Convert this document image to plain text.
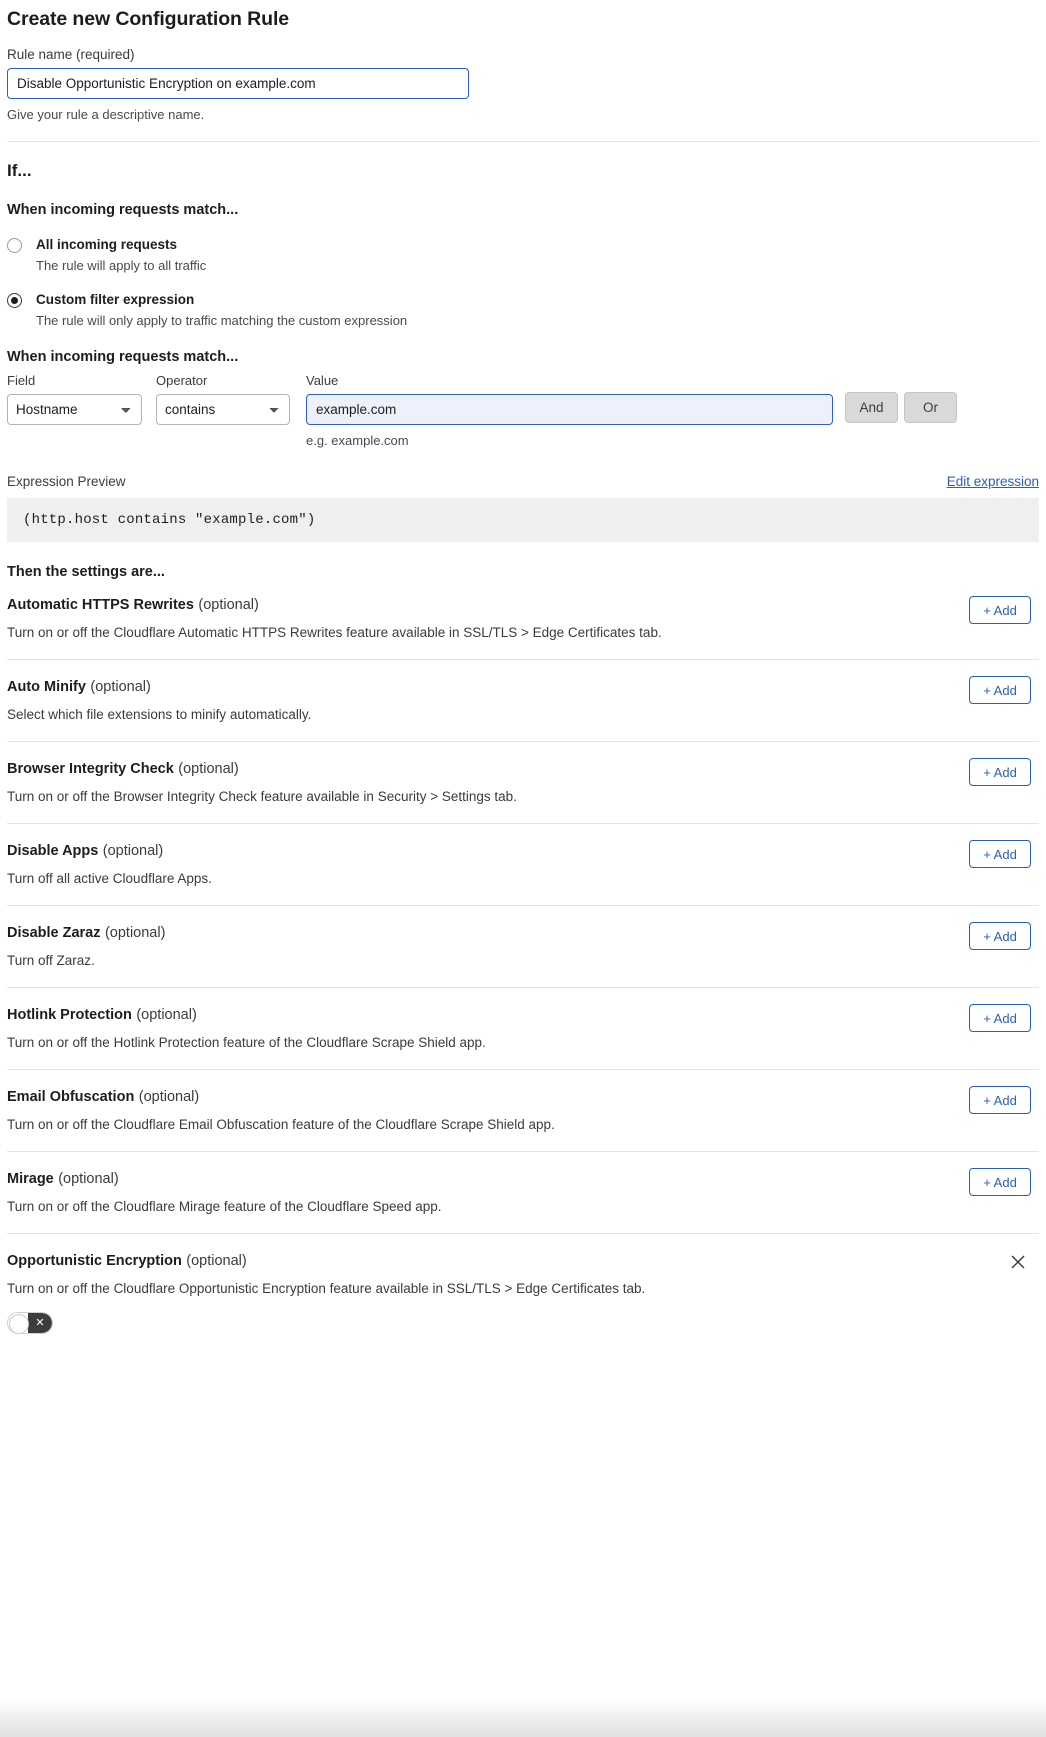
Create new Configuration Rule
Rule name (required)
Disable Opportunistic Encryption on example.com
Give your rule a descriptive name.
If...
When incoming requests match...
All incoming requests
The rule will apply to all traffic
Custom filter expression
The rule will only apply to traffic matching the custom expression
When incoming requests match...
Field
Hostname	Operator
contains	Value
example.com
e.g. example.com
And	Or
Expression Preview	Edit expression
(http.host contains "example.com")
Then the settings are...
Automatic HTTPS Rewrites (optional)
Turn on or off the Cloudflare Automatic HTTPS Rewrites feature available in SSL/TLS > Edge Certificates tab.
+ Add
Auto Minify (optional)
Select which file extensions to minify automatically.
+ Add
Browser Integrity Check (optional)
Turn on or off the Browser Integrity Check feature available in Security > Settings tab.
+ Add
Disable Apps (optional)
Turn off all active Cloudflare Apps.
+ Add
Disable Zaraz (optional)
Turn off Zaraz.
+ Add
Hotlink Protection (optional)
Turn on or off the Hotlink Protection feature of the Cloudflare Scrape Shield app.
+ Add
Email Obfuscation (optional)
Turn on or off the Cloudflare Email Obfuscation feature of the Cloudflare Scrape Shield app.
+ Add
Mirage (optional)
Turn on or off the Cloudflare Mirage feature of the Cloudflare Speed app.
+ Add
Opportunistic Encryption (optional)
Turn on or off the Cloudflare Opportunistic Encryption feature available in SSL/TLS > Edge Certificates tab.
✕
